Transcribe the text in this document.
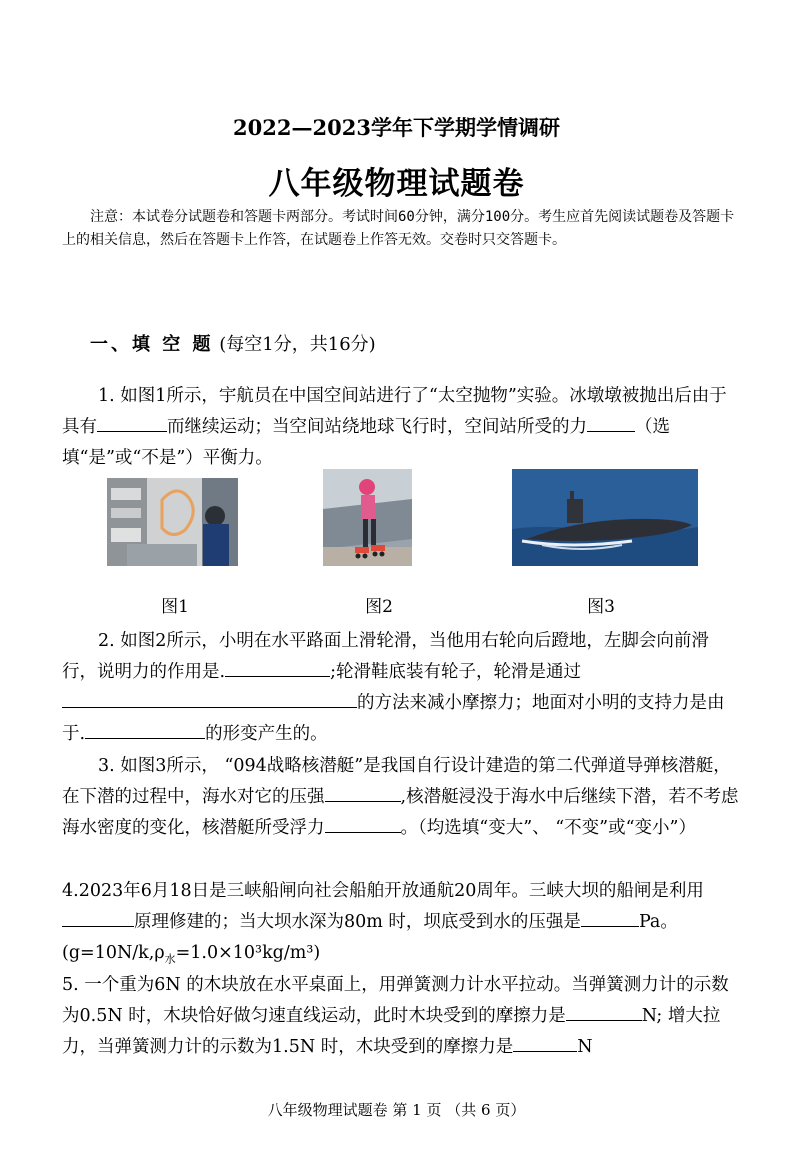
2022—2023学年下学期学情调研
八年级物理试题卷
注意：本试卷分试题卷和答题卡两部分。考试时间60分钟，满分100分。考生应首先阅读试题卷及答题卡上的相关信息，然后在答题卡上作答，在试题卷上作答无效。交卷时只交答题卡。
一、填 空 题 (每空1分，共16分)
1. 如图1所示，宇航员在中国空间站进行了“太空抛物”实验。冰墩墩被抛出后由于具有	而继续运动；当空间站绕地球飞行时，空间站所受的力	（选填“是”或“不是”）平衡力。
图1	图2	图3
2. 如图2所示，小明在水平路面上滑轮滑，当他用右轮向后蹬地，左脚会向前滑行，说明力的作用是.	;轮滑鞋底装有轮子，轮滑是通过的方法来减小摩擦力；地面对小明的支持力是由于.	的形变产生的。
3. 如图3所示， “094战略核潜艇”是我国自行设计建造的第二代弹道导弹核潜艇，在下潜的过程中，海水对它的压强	,核潜艇浸没于海水中后继续下潜，若不考虑海水密度的变化，核潜艇所受浮力	。（均选填“变大”、 “不变”或“变小”）
4.2023年6月18日是三峡船闸向社会船舶开放通航20周年。三峡大坝的船闸是利用原理修建的；当大坝水深为80m 时，坝底受到水的压强是	Pa。$(g=10N/k,\rho_水=1.0\times 10^3kg/m^3)$
5. 一个重为6N 的木块放在水平桌面上，用弹簧测力计水平拉动。当弹簧测力计的示数为0.5N 时，木块恰好做匀速直线运动，此时木块受到的摩擦力是	N; 增大拉力，当弹簧测力计的示数为1.5N 时，木块受到的摩擦力是	N
八年级物理试题卷 第 1 页 （共 6 页）
